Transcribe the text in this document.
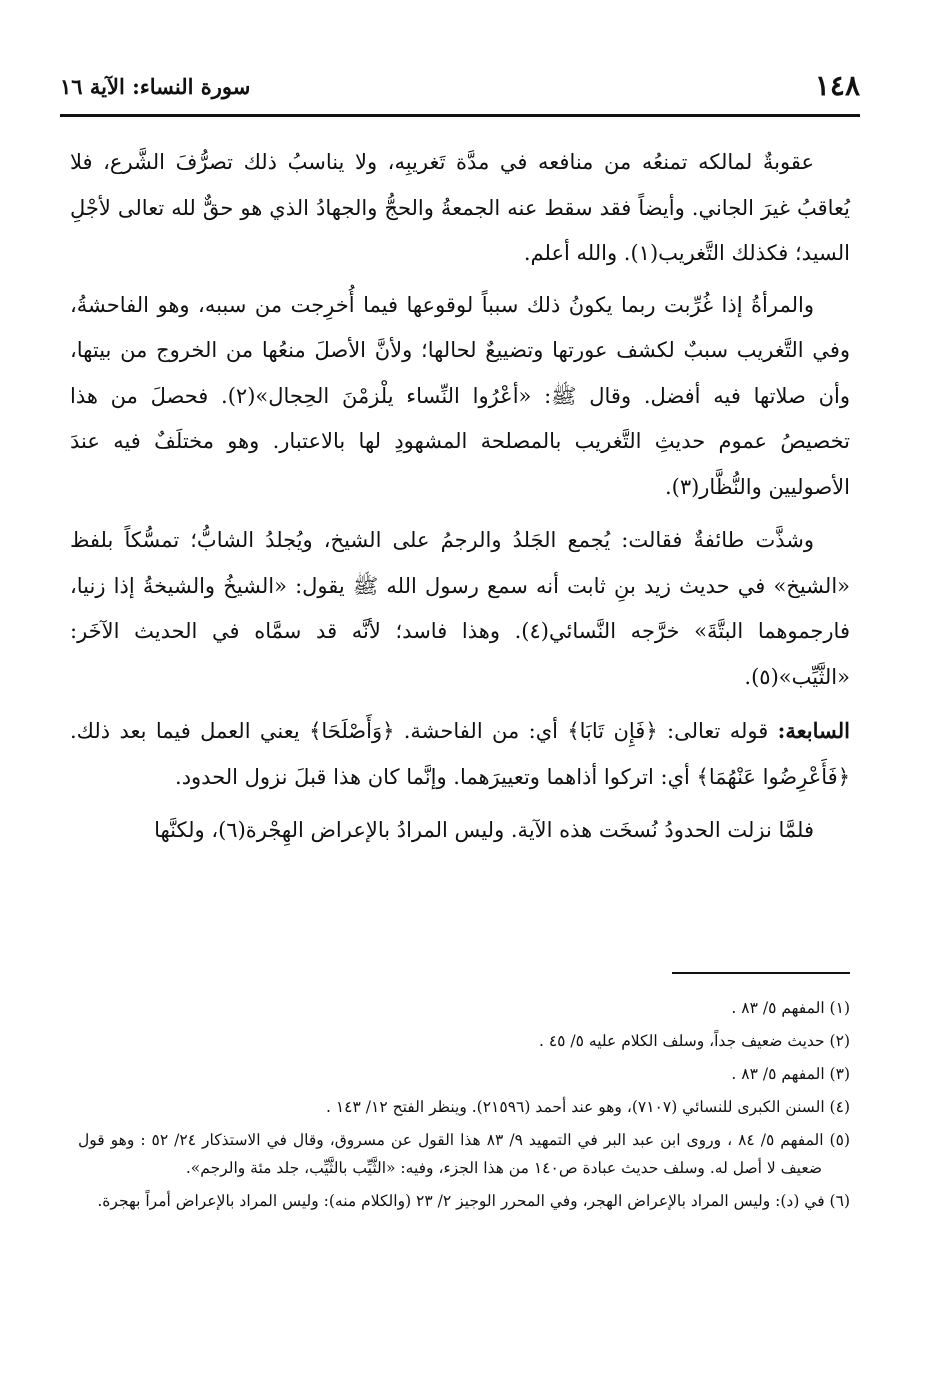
١٤٨
سورة النساء: الآية ١٦

عقوبةٌ لمالكه تمنعُه من منافعه في مدَّة تَغريبِه، ولا يناسبُ ذلك تصرُّفَ الشَّرع، فلا يُعاقبُ غيرَ الجاني. وأيضاً فقد سقط عنه الجمعةُ والحجُّ والجهادُ الذي هو حقٌّ لله تعالى لأجْلِ السيد؛ فكذلك التَّغريب(١). والله أعلم.

والمرأةُ إذا غُرِّبت ربما يكونُ ذلك سبباً لوقوعها فيما أُخرِجت من سببه، وهو الفاحشةُ، وفي التَّغريب سببٌ لكشف عورتها وتضييعٌ لحالها؛ ولأنَّ الأصلَ منعُها من الخروج من بيتها، وأن صلاتها فيه أفضل. وقال ﷺ: «أعْرُوا النِّساء يلْزمْنَ الحِجال»(٢). فحصلَ من هذا تخصيصُ عموم حديثِ التَّغريب بالمصلحة المشهودِ لها بالاعتبار. وهو مختلَفٌ فيه عندَ الأصوليين والنُّظَّار(٣).

وشذَّت طائفةٌ فقالت: يُجمع الجَلدُ والرجمُ على الشيخ، ويُجلدُ الشابُّ؛ تمسُّكاً بلفظ «الشيخ» في حديث زيد بنِ ثابت أنه سمع رسول الله ﷺ يقول: «الشيخُ والشيخةُ إذا زنيا، فارجموهما البتَّةَ» خرَّجه النَّسائي(٤). وهذا فاسد؛ لأنَّه قد سمَّاه في الحديث الآخَر: «الثَّيِّب»(٥).

السابعة: قوله تعالى: ﴿فَإِن تَابَا﴾ أي: من الفاحشة. ﴿وَأَصْلَحَا﴾ يعني العمل فيما بعد ذلك. ﴿فَأَعْرِضُوا عَنْهُمَا﴾ أي: اتركوا أذاهما وتعييرَهما. وإنَّما كان هذا قبلَ نزول الحدود.

فلمَّا نزلت الحدودُ نُسخَت هذه الآية. وليس المرادُ بالإعراض الهِجْرة(٦)، ولكنَّها

(١) المفهم ٥/ ٨٣ .

(٢) حديث ضعيف جداً، وسلف الكلام عليه ٥/ ٤٥ .

(٣) المفهم ٥/ ٨٣ .

(٤) السنن الكبرى للنسائي (٧١٠٧)، وهو عند أحمد (٢١٥٩٦). وينظر الفتح ١٢/ ١٤٣ .

(٥) المفهم ٥/ ٨٤ ، وروى ابن عبد البر في التمهيد ٩/ ٨٣ هذا القول عن مسروق، وقال في الاستذكار ٢٤/ ٥٢ : وهو قول ضعيف لا أصل له. وسلف حديث عبادة ص١٤٠ من هذا الجزء، وفيه: «الثَّيِّب بالثَّيِّب، جلد مئة والرجم».

(٦) في (د): وليس المراد بالإعراض الهجر، وفي المحرر الوجيز ٢/ ٢٣ (والكلام منه): وليس المراد بالإعراض أمراً بهجرة.
